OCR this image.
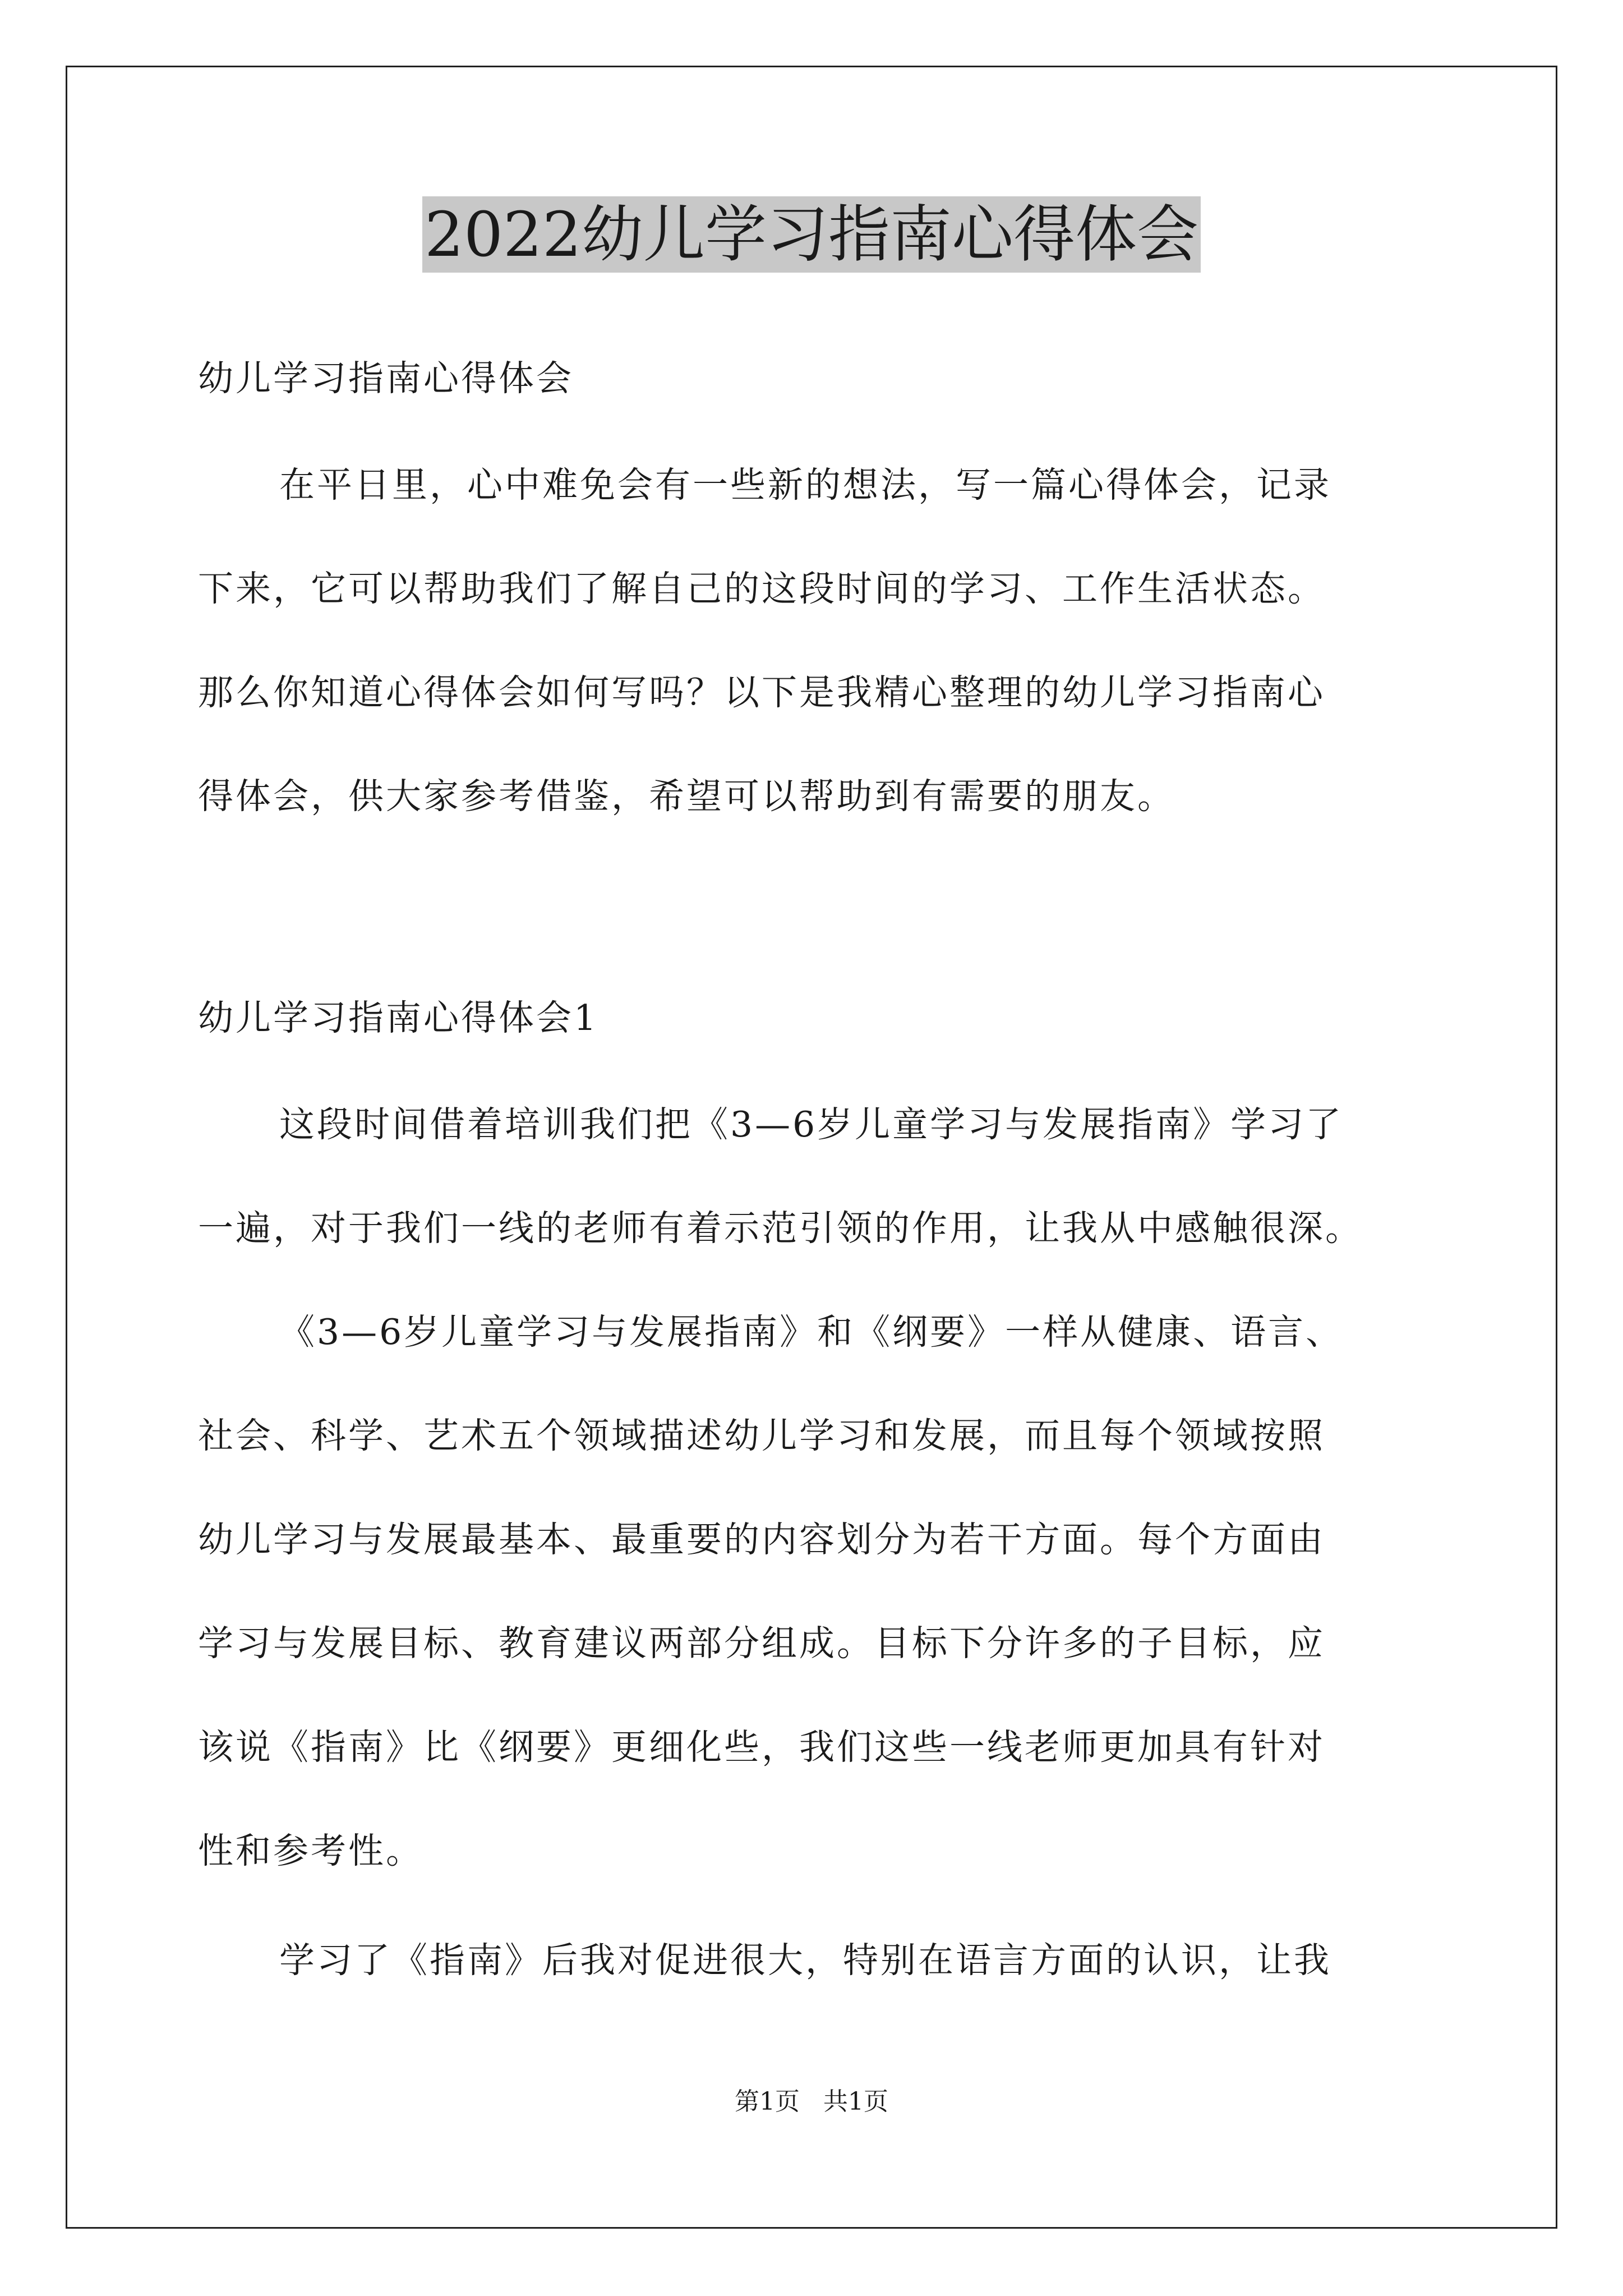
2022幼儿学习指南心得体会
幼儿学习指南心得体会
在平日里，心中难免会有一些新的想法，写一篇心得体会，记录
下来，它可以帮助我们了解自己的这段时间的学习、工作生活状态。
那么你知道心得体会如何写吗？以下是我精心整理的幼儿学习指南心
得体会，供大家参考借鉴，希望可以帮助到有需要的朋友。
幼儿学习指南心得体会1
这段时间借着培训我们把《3—6岁儿童学习与发展指南》学习了
一遍，对于我们一线的老师有着示范引领的作用，让我从中感触很深。
《3—6岁儿童学习与发展指南》和《纲要》一样从健康、语言、
社会、科学、艺术五个领域描述幼儿学习和发展，而且每个领域按照
幼儿学习与发展最基本、最重要的内容划分为若干方面。每个方面由
学习与发展目标、教育建议两部分组成。目标下分许多的子目标，应
该说《指南》比《纲要》更细化些，我们这些一线老师更加具有针对
性和参考性。
学习了《指南》后我对促进很大，特别在语言方面的认识，让我
第1页 共1页
